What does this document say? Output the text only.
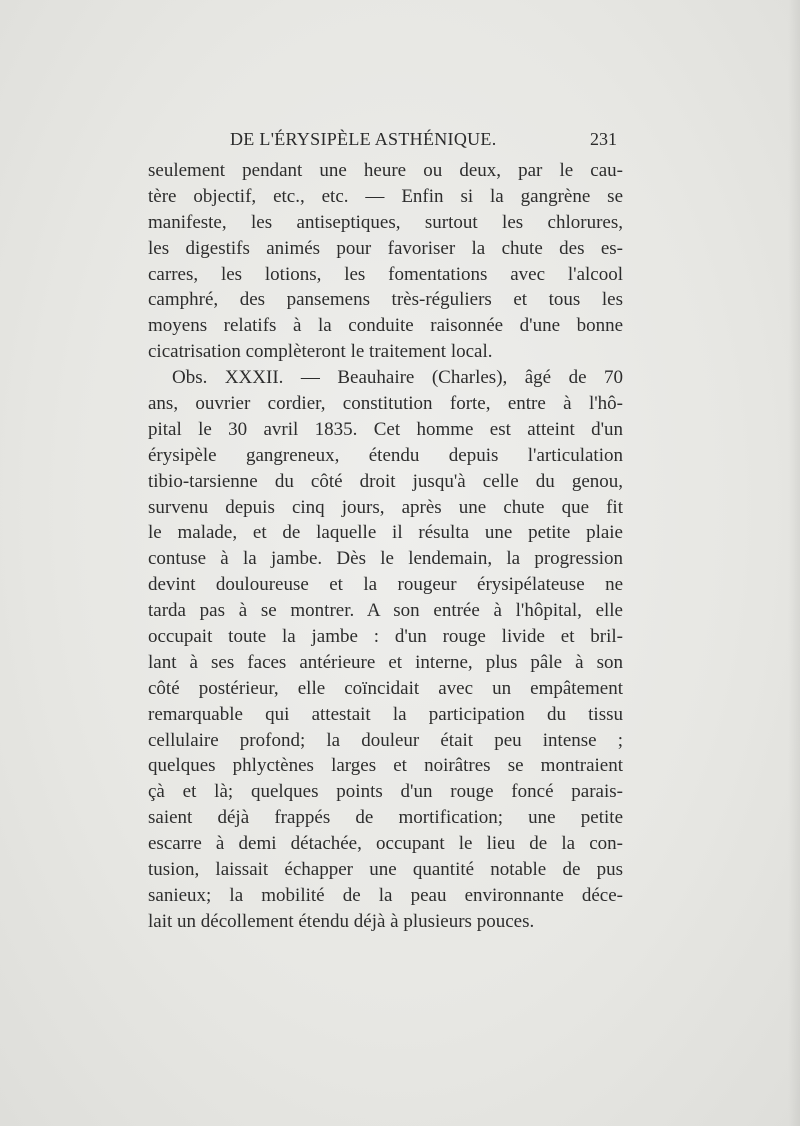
DE L'ÉRYSIPÈLE ASTHÉNIQUE.	231
seulement pendant une heure ou deux, par le cau-
tère objectif, etc., etc. — Enfin si la gangrène se
manifeste, les antiseptiques, surtout les chlorures,
les digestifs animés pour favoriser la chute des es-
carres, les lotions, les fomentations avec l'alcool
camphré, des pansemens très-réguliers et tous les
moyens relatifs à la conduite raisonnée d'une bonne
cicatrisation complèteront le traitement local.
Obs. XXXII. — Beauhaire (Charles), âgé de 70
ans, ouvrier cordier, constitution forte, entre à l'hô-
pital le 30 avril 1835. Cet homme est atteint d'un
érysipèle gangreneux, étendu depuis l'articulation
tibio-tarsienne du côté droit jusqu'à celle du genou,
survenu depuis cinq jours, après une chute que fit
le malade, et de laquelle il résulta une petite plaie
contuse à la jambe. Dès le lendemain, la progression
devint douloureuse et la rougeur érysipélateuse ne
tarda pas à se montrer. A son entrée à l'hôpital, elle
occupait toute la jambe : d'un rouge livide et bril-
lant à ses faces antérieure et interne, plus pâle à son
côté postérieur, elle coïncidait avec un empâtement
remarquable qui attestait la participation du tissu
cellulaire profond; la douleur était peu intense ;
quelques phlyctènes larges et noirâtres se montraient
çà et là; quelques points d'un rouge foncé parais-
saient déjà frappés de mortification; une petite
escarre à demi détachée, occupant le lieu de la con-
tusion, laissait échapper une quantité notable de pus
sanieux; la mobilité de la peau environnante déce-
lait un décollement étendu déjà à plusieurs pouces.
